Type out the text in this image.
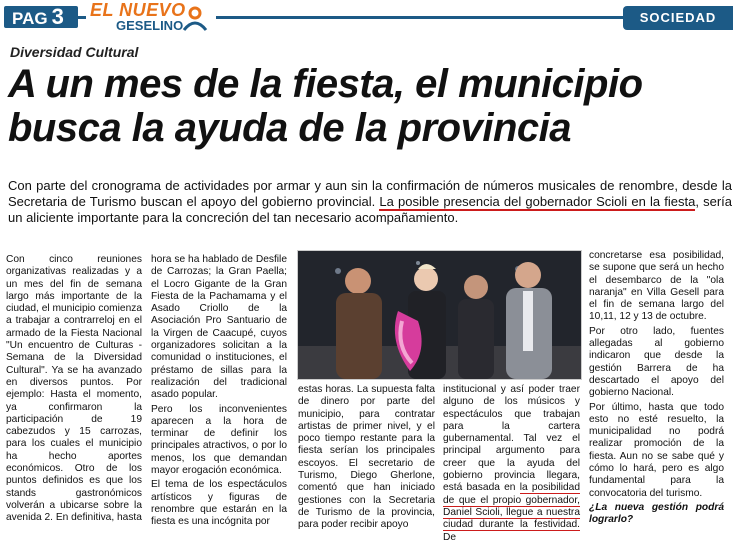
PAG 3	EL NUEVO
GESELINO
SOCIEDAD
Diversidad Cultural
A un mes de la fiesta, el municipio busca la ayuda de la provincia
Con parte del cronograma de actividades por armar y aun sin la confirmación de números musicales de renombre, desde la Secretaria de Turismo buscan el apoyo del gobierno provincial. La posible presencia del gobernador Scioli en la fiesta, sería un aliciente importante para la concreción del tan necesario acompañamiento.

Con cinco reuniones organizativas realizadas y a un mes del fin de semana largo más importante de la ciudad, el municipio comienza a trabajar a contrarreloj en el armado de la Fiesta Nacional "Un encuentro de Culturas - Semana de la Diversidad Cultural". Ya se ha avanzado en diversos puntos. Por ejemplo: Hasta el momento, ya confirmaron la participación de 19 cabezudos y 15 carrozas, para los cuales el municipio ha hecho aportes económicos. Otro de los puntos definidos es que los stands gastronómicos volverán a ubicarse sobre la avenida 2. En definitiva, hasta

hora se ha hablado de Desfile de Carrozas; la Gran Paella; el Locro Gigante de la Gran Fiesta de la Pachamama y el Asado Criollo de la Asociación Pro Santuario de la Virgen de Caacupé, cuyos organizadores solicitan a la comunidad o instituciones, el préstamo de sillas para la realización del tradicional asado popular.

Pero los inconvenientes aparecen a la hora de terminar de definir los principales atractivos, o por lo menos, los que demandan mayor erogación económica.

El tema de los espectáculos artísticos y figuras de renombre que estarán en la fiesta es una incógnita por

estas horas. La supuesta falta de dinero por parte del municipio, para contratar artistas de primer nivel, y el poco tiempo restante para la fiesta serían los principales escoyos. El secretario de Turismo, Diego Gherlone, comentó que han iniciado gestiones con la Secretaria de Turismo de la provincia, para poder recibir apoyo

institucional y así poder traer alguno de los músicos y espectáculos que trabajan para la cartera gubernamental. Tal vez el principal argumento para creer que la ayuda del gobierno provincia llegara, está basada en la posibilidad de que el propio gobernador, Daniel Scioli, llegue a nuestra ciudad durante la festividad. De

concretarse esa posibilidad, se supone que será un hecho el desembarco de la "ola naranja" en Villa Gesell para el fin de semana largo del 10,11, 12 y 13 de octubre.

Por otro lado, fuentes allegadas al gobierno indicaron que desde la gestión Barrera de ha descartado el apoyo del gobierno Nacional.

Por último, hasta que todo esto no esté resuelto, la municipalidad no podrá realizar promoción de la fiesta. Aun no se sabe qué y cómo lo hará, pero es algo fundamental para la convocatoria del turismo.

¿La nueva gestión podrá lograrlo?
